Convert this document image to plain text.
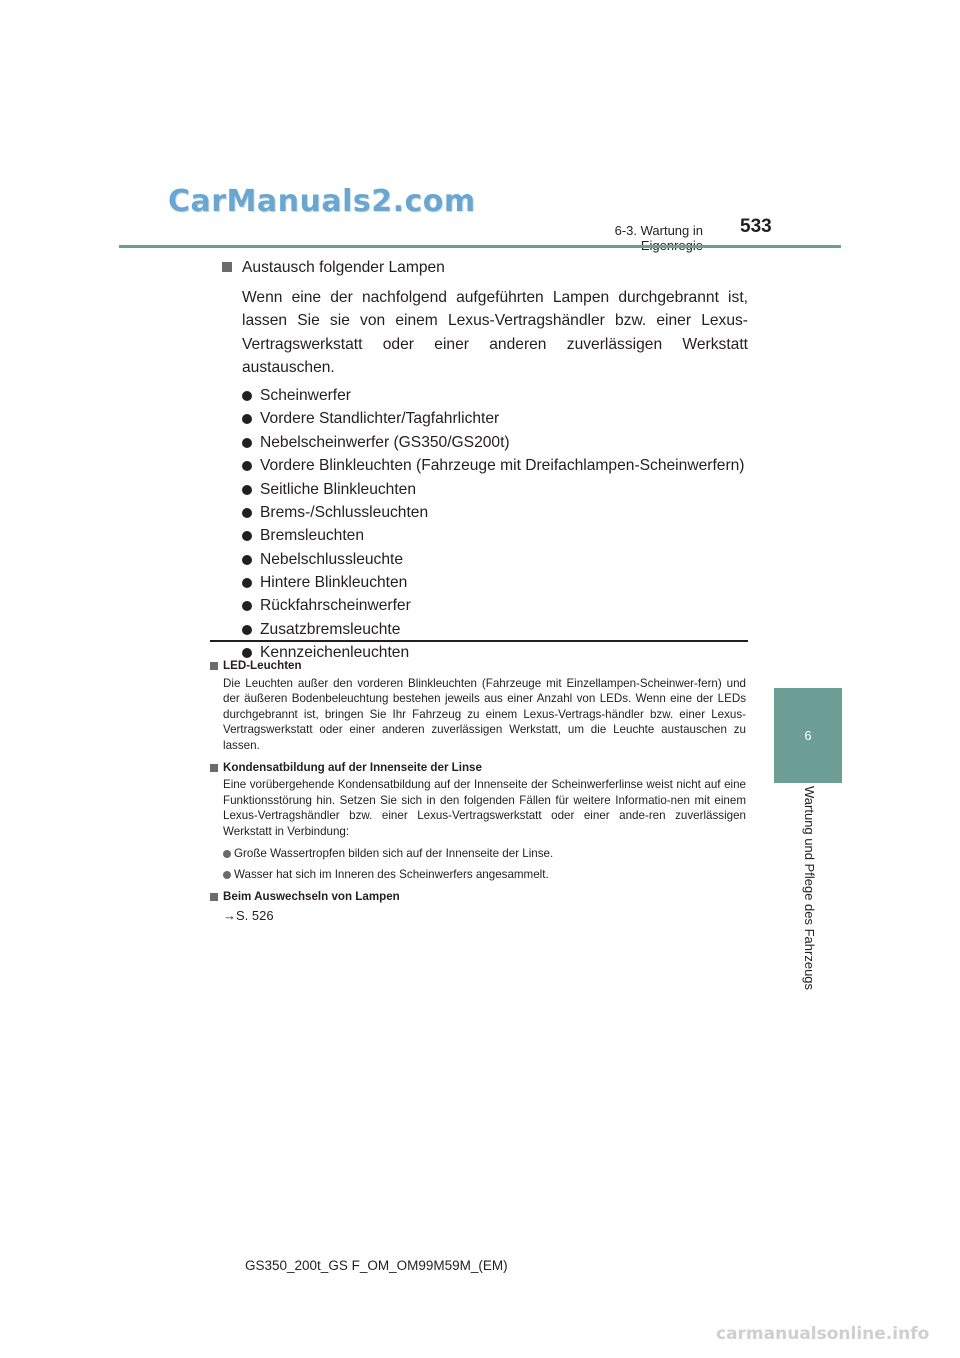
CarManuals2.com
6-3. Wartung in 533
6
Wartung und Pflege des Fahrzeugs
Austausch folgender Lampen
Wenn eine der nachfolgend aufgeführten Lampen durchgebrannt ist, lassen Sie sie von einem Lexus-Vertragshändler bzw. einer Lexus-Vertragswerkstatt oder einer anderen zuverlässigen Werkstatt austauschen.
Scheinwerfer
Vordere Standlichter/Tagfahrlichter
Nebelscheinwerfer (GS350/GS200t)
Vordere Blinkleuchten (Fahrzeuge mit Dreifachlampen-Scheinwerfern)
Seitliche Blinkleuchten
Brems-/Schlussleuchten
Bremsleuchten
Nebelschlussleuchte
Hintere Blinkleuchten
Rückfahrscheinwerfer
Zusatzbremsleuchte
Kennzeichenleuchten
LED-Leuchten
Die Leuchten außer den vorderen Blinkleuchten (Fahrzeuge mit Einzellampen-Scheinwer-fern) und der äußeren Bodenbeleuchtung bestehen jeweils aus einer Anzahl von LEDs. Wenn eine der LEDs durchgebrannt ist, bringen Sie Ihr Fahrzeug zu einem Lexus-Vertrags-händler bzw. einer Lexus-Vertragswerkstatt oder einer anderen zuverlässigen Werkstatt, um die Leuchte austauschen zu lassen.
Kondensatbildung auf der Innenseite der Linse
Eine vorübergehende Kondensatbildung auf der Innenseite der Scheinwerferlinse weist nicht auf eine Funktionsstörung hin. Setzen Sie sich in den folgenden Fällen für weitere Informatio-nen mit einem Lexus-Vertragshändler bzw. einer Lexus-Vertragswerkstatt oder einer ande-ren zuverlässigen Werkstatt in Verbindung:
Große Wassertropfen bilden sich auf der Innenseite der Linse.
Wasser hat sich im Inneren des Scheinwerfers angesammelt.
Beim Auswechseln von Lampen
→S. 526
GS350_200t_GS F_OM_OM99M59M_(EM)
carmanualsonline.info
